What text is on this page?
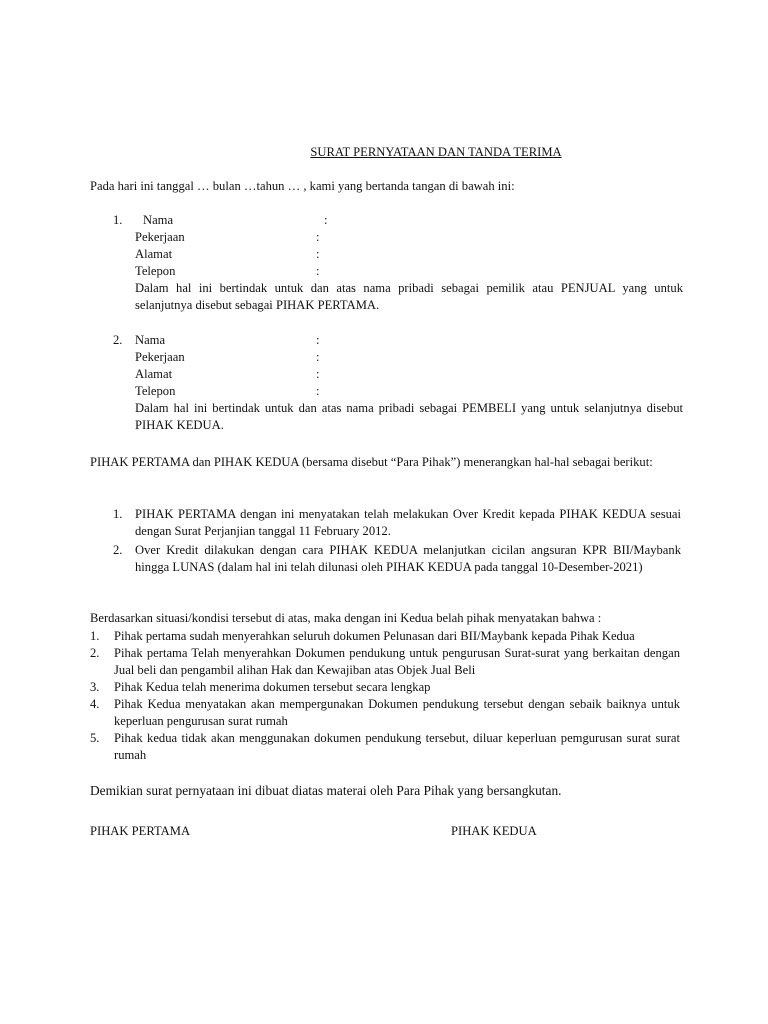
SURAT PERNYATAAN DAN TANDA TERIMA
Pada hari ini tanggal … bulan …tahun … , kami yang bertanda tangan di bawah ini:
1. Nama	:
Pekerjaan	:
Alamat	:
Telepon	:
Dalam hal ini bertindak untuk dan atas nama pribadi sebagai pemilik atau PENJUAL yang untuk selanjutnya disebut sebagai PIHAK PERTAMA.
2. Nama	:
Pekerjaan	:
Alamat	:
Telepon	:
Dalam hal ini bertindak untuk dan atas nama pribadi sebagai PEMBELI yang untuk selanjutnya disebut PIHAK KEDUA.
PIHAK PERTAMA dan PIHAK KEDUA (bersama disebut “Para Pihak”) menerangkan hal-hal sebagai berikut:
1. PIHAK PERTAMA dengan ini menyatakan telah melakukan Over Kredit kepada PIHAK KEDUA sesuai dengan Surat Perjanjian tanggal 11 February 2012.
2. Over Kredit dilakukan dengan cara PIHAK KEDUA melanjutkan cicilan angsuran KPR BII/Maybank hingga LUNAS (dalam hal ini telah dilunasi oleh PIHAK KEDUA pada tanggal 10-Desember-2021)
Berdasarkan situasi/kondisi tersebut di atas, maka dengan ini Kedua belah pihak menyatakan bahwa :
1. Pihak pertama sudah menyerahkan seluruh dokumen Pelunasan dari BII/Maybank kepada Pihak Kedua
2. Pihak pertama Telah menyerahkan Dokumen pendukung untuk pengurusan Surat-surat yang berkaitan dengan Jual beli dan pengambil alihan Hak dan Kewajiban atas Objek Jual Beli
3. Pihak Kedua telah menerima dokumen tersebut secara lengkap
4. Pihak Kedua menyatakan akan mempergunakan Dokumen pendukung tersebut dengan sebaik baiknya untuk keperluan pengurusan surat rumah
5. Pihak kedua tidak akan menggunakan dokumen pendukung tersebut, diluar keperluan pemgurusan surat surat rumah
Demikian surat pernyataan ini dibuat diatas materai oleh Para Pihak yang bersangkutan.
PIHAK PERTAMA	PIHAK KEDUA
